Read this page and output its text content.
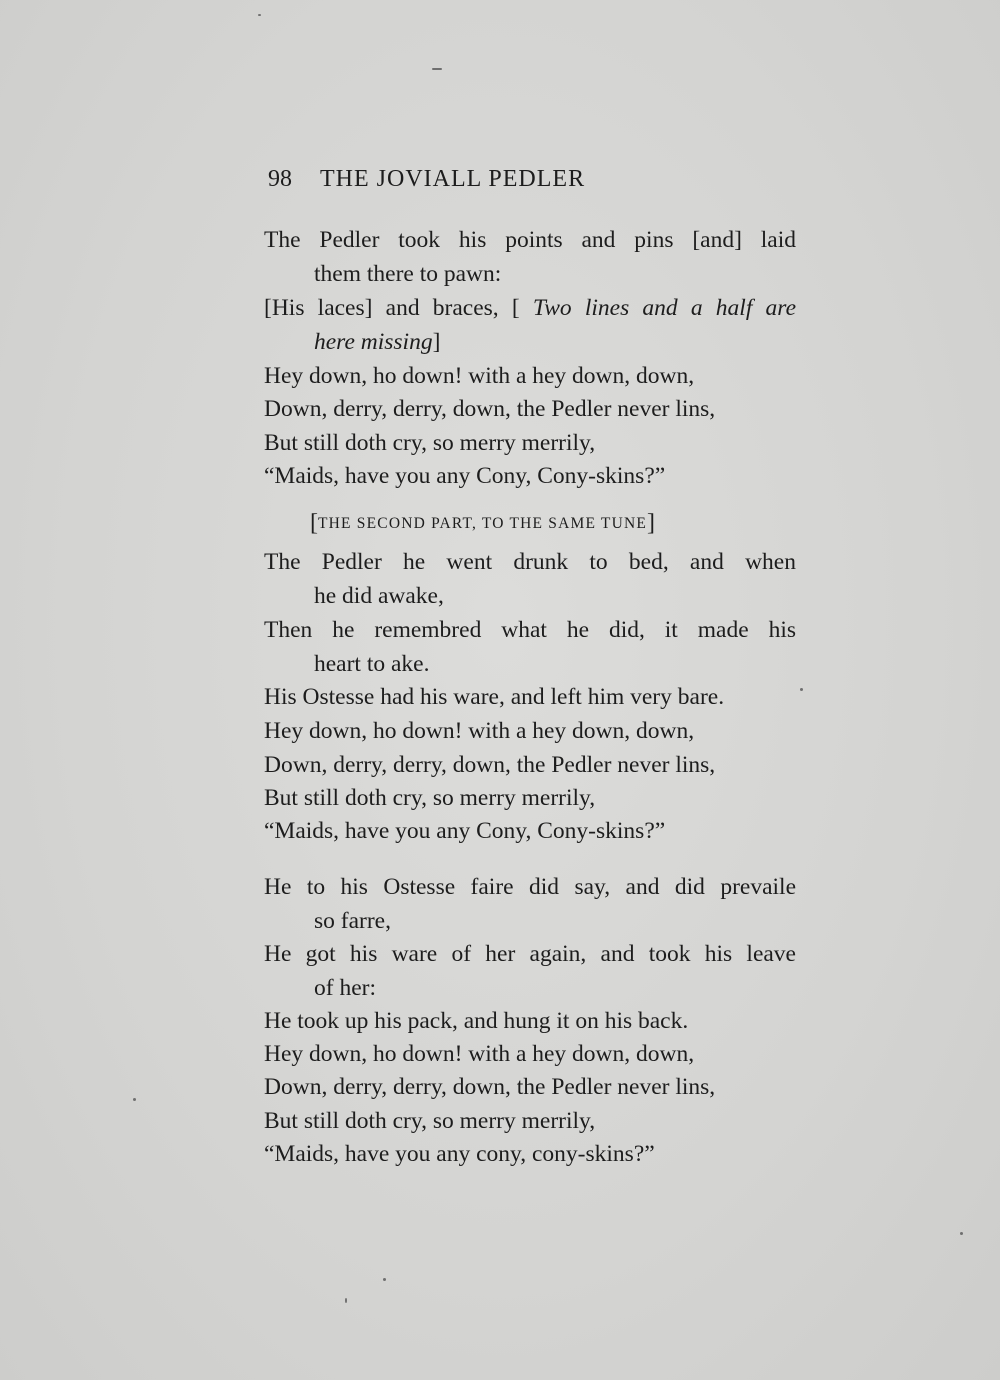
98 THE JOVIALL PEDLER
The Pedler took his points and pins [and] laid
them there to pawn:
[His laces] and braces, [ Two lines and a half are
here missing]
Hey down, ho down! with a hey down, down,
Down, derry, derry, down, the Pedler never lins,
But still doth cry, so merry merrily,
“Maids, have you any Cony, Cony-skins?”
[THE SECOND PART, TO THE SAME TUNE]
The Pedler he went drunk to bed, and when
he did awake,
Then he remembred what he did, it made his
heart to ake.
His Ostesse had his ware, and left him very bare.
Hey down, ho down! with a hey down, down,
Down, derry, derry, down, the Pedler never lins,
But still doth cry, so merry merrily,
“Maids, have you any Cony, Cony-skins?”
He to his Ostesse faire did say, and did prevaile
so farre,
He got his ware of her again, and took his leave
of her:
He took up his pack, and hung it on his back.
Hey down, ho down! with a hey down, down,
Down, derry, derry, down, the Pedler never lins,
But still doth cry, so merry merrily,
“Maids, have you any cony, cony-skins?”
